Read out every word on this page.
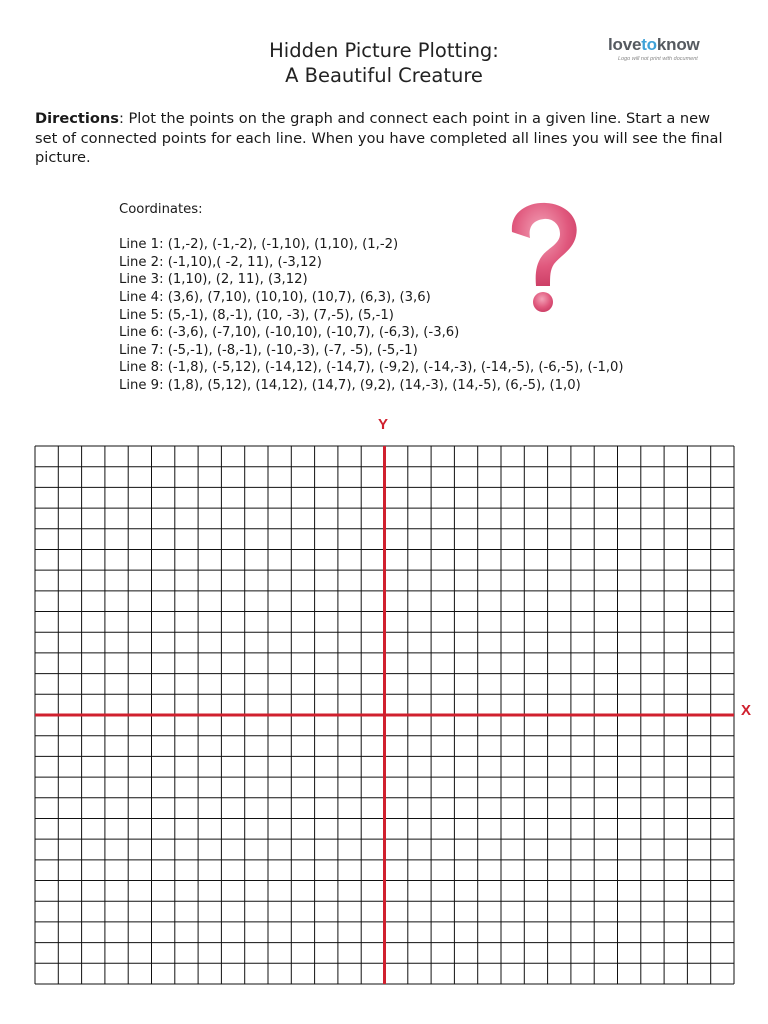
Hidden Picture Plotting:
A Beautiful Creature
lovetoknow
Logo will not print with document
Directions: Plot the points on the graph and connect each point in a given line. Start a new set of connected points for each line. When you have completed all lines you will see the final picture.
Coordinates:
Line 1: (1,-2), (-1,-2), (-1,10), (1,10), (1,-2)
Line 2: (-1,10),( -2, 11), (-3,12)
Line 3: (1,10), (2, 11), (3,12)
Line 4: (3,6), (7,10), (10,10), (10,7), (6,3), (3,6)
Line 5: (5,-1), (8,-1), (10, -3), (7,-5), (5,-1)
Line 6: (-3,6), (-7,10), (-10,10), (-10,7), (-6,3), (-3,6)
Line 7: (-5,-1), (-8,-1), (-10,-3), (-7, -5), (-5,-1)
Line 8: (-1,8), (-5,12), (-14,12), (-14,7), (-9,2), (-14,-3), (-14,-5), (-6,-5), (-1,0)
Line 9: (1,8), (5,12), (14,12), (14,7), (9,2), (14,-3), (14,-5), (6,-5), (1,0)
Y
X
